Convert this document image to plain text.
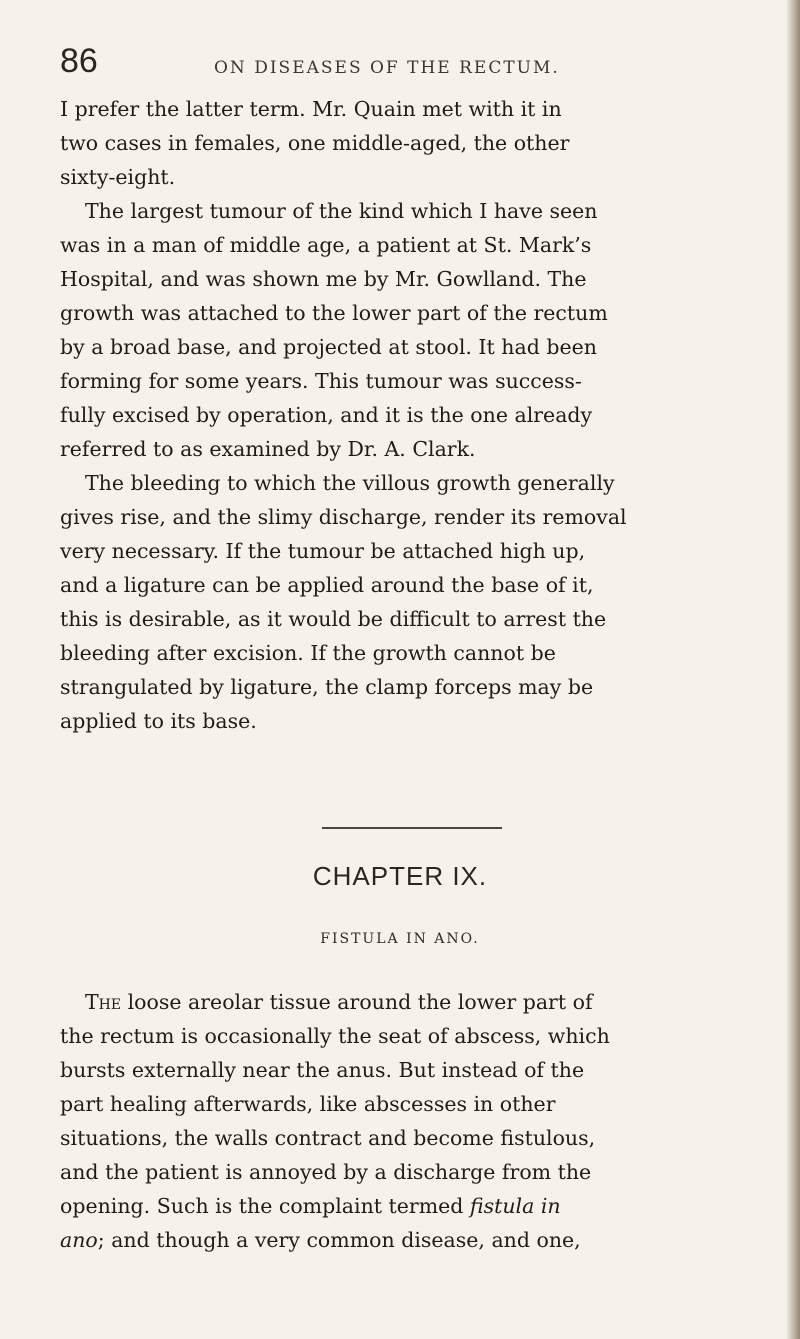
86	ON DISEASES OF THE RECTUM.
I prefer the latter term. Mr. Quain met with it in
two cases in females, one middle-aged, the other
sixty-eight.
The largest tumour of the kind which I have seen
was in a man of middle age, a patient at St. Mark’s
Hospital, and was shown me by Mr. Gowlland. The
growth was attached to the lower part of the rectum
by a broad base, and projected at stool. It had been
forming for some years. This tumour was success-
fully excised by operation, and it is the one already
referred to as examined by Dr. A. Clark.
The bleeding to which the villous growth generally
gives rise, and the slimy discharge, render its removal
very necessary. If the tumour be attached high up,
and a ligature can be applied around the base of it,
this is desirable, as it would be difficult to arrest the
bleeding after excision. If the growth cannot be
strangulated by ligature, the clamp forceps may be
applied to its base.
CHAPTER IX.
FISTULA IN ANO.
The loose areolar tissue around the lower part of
the rectum is occasionally the seat of abscess, which
bursts externally near the anus. But instead of the
part healing afterwards, like abscesses in other
situations, the walls contract and become fistulous,
and the patient is annoyed by a discharge from the
opening. Such is the complaint termed fistula in
ano; and though a very common disease, and one,
